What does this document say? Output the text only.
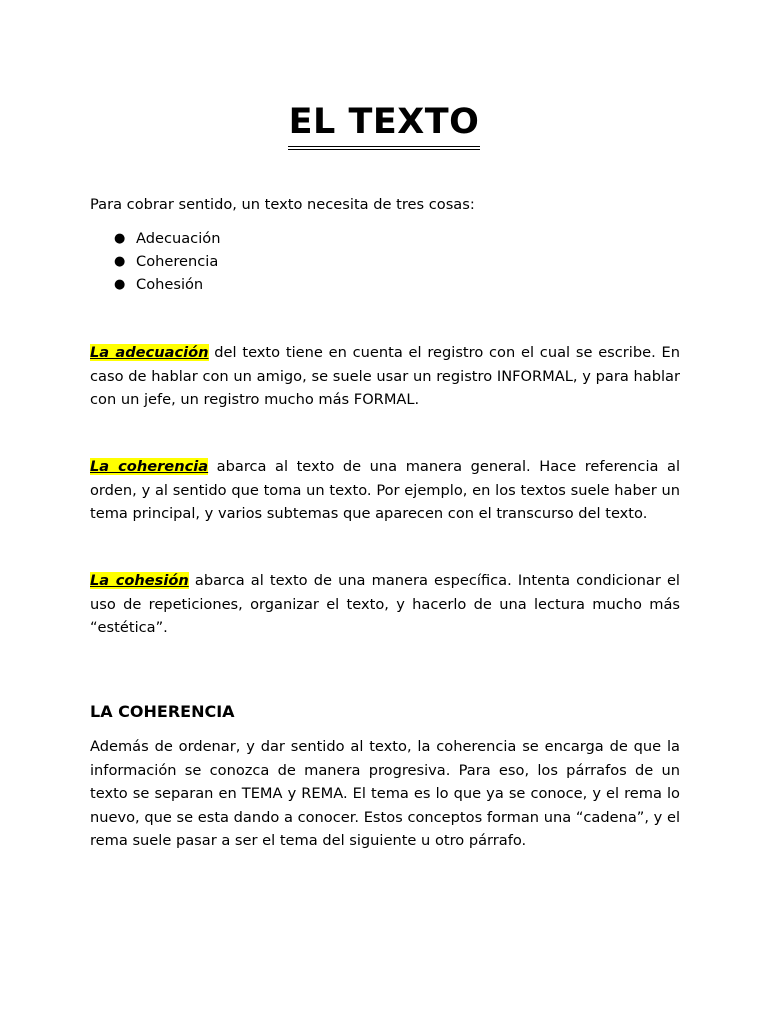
EL TEXTO

Para cobrar sentido, un texto necesita de tres cosas:

● Adecuación
● Coherencia
● Cohesión

La adecuación del texto tiene en cuenta el registro con el cual se escribe. En caso de hablar con un amigo, se suele usar un registro INFORMAL, y para hablar con un jefe, un registro mucho más FORMAL.

La coherencia abarca al texto de una manera general. Hace referencia al orden, y al sentido que toma un texto. Por ejemplo, en los textos suele haber un tema principal, y varios subtemas que aparecen con el transcurso del texto.

La cohesión abarca al texto de una manera específica. Intenta condicionar el uso de repeticiones, organizar el texto, y hacerlo de una lectura mucho más “estética”.

LA COHERENCIA

Además de ordenar, y dar sentido al texto, la coherencia se encarga de que la información se conozca de manera progresiva. Para eso, los párrafos de un texto se separan en TEMA y REMA. El tema es lo que ya se conoce, y el rema lo nuevo, que se esta dando a conocer. Estos conceptos forman una “cadena”, y el rema suele pasar a ser el tema del siguiente u otro párrafo.
